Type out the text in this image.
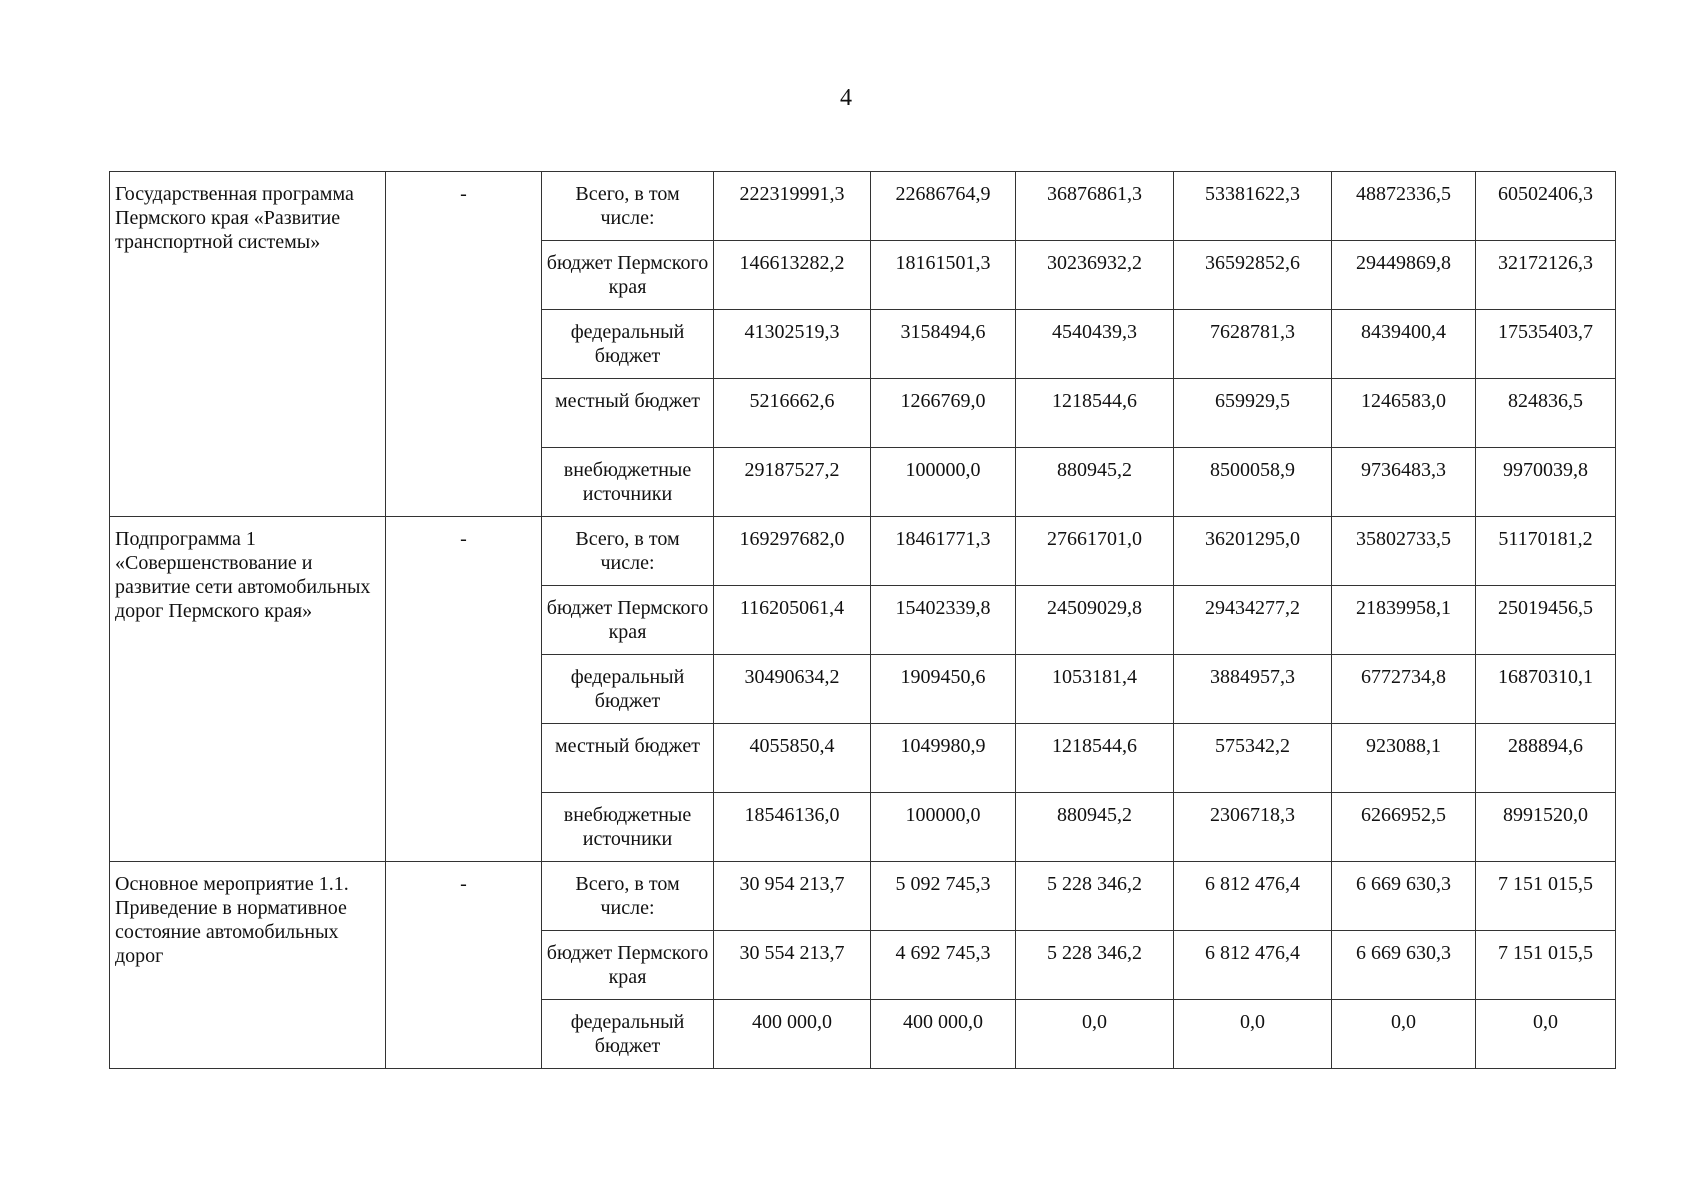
4
Государственная программа Пермского края «Развитие транспортной системы»	-	Всего, в том числе:	222319991,3	22686764,9	36876861,3	53381622,3	48872336,5	60502406,3
		бюджет Пермского края	146613282,2	18161501,3	30236932,2	36592852,6	29449869,8	32172126,3
		федеральный бюджет	41302519,3	3158494,6	4540439,3	7628781,3	8439400,4	17535403,7
		местный бюджет	5216662,6	1266769,0	1218544,6	659929,5	1246583,0	824836,5
		внебюджетные источники	29187527,2	100000,0	880945,2	8500058,9	9736483,3	9970039,8
Подпрограмма 1 «Совершенствование и развитие сети автомобильных дорог Пермского края»	-	Всего, в том числе:	169297682,0	18461771,3	27661701,0	36201295,0	35802733,5	51170181,2
		бюджет Пермского края	116205061,4	15402339,8	24509029,8	29434277,2	21839958,1	25019456,5
		федеральный бюджет	30490634,2	1909450,6	1053181,4	3884957,3	6772734,8	16870310,1
		местный бюджет	4055850,4	1049980,9	1218544,6	575342,2	923088,1	288894,6
		внебюджетные источники	18546136,0	100000,0	880945,2	2306718,3	6266952,5	8991520,0
Основное мероприятие 1.1. Приведение в нормативное состояние автомобильных дорог	-	Всего, в том числе:	30 954 213,7	5 092 745,3	5 228 346,2	6 812 476,4	6 669 630,3	7 151 015,5
		бюджет Пермского края	30 554 213,7	4 692 745,3	5 228 346,2	6 812 476,4	6 669 630,3	7 151 015,5
		федеральный бюджет	400 000,0	400 000,0	0,0	0,0	0,0	0,0
